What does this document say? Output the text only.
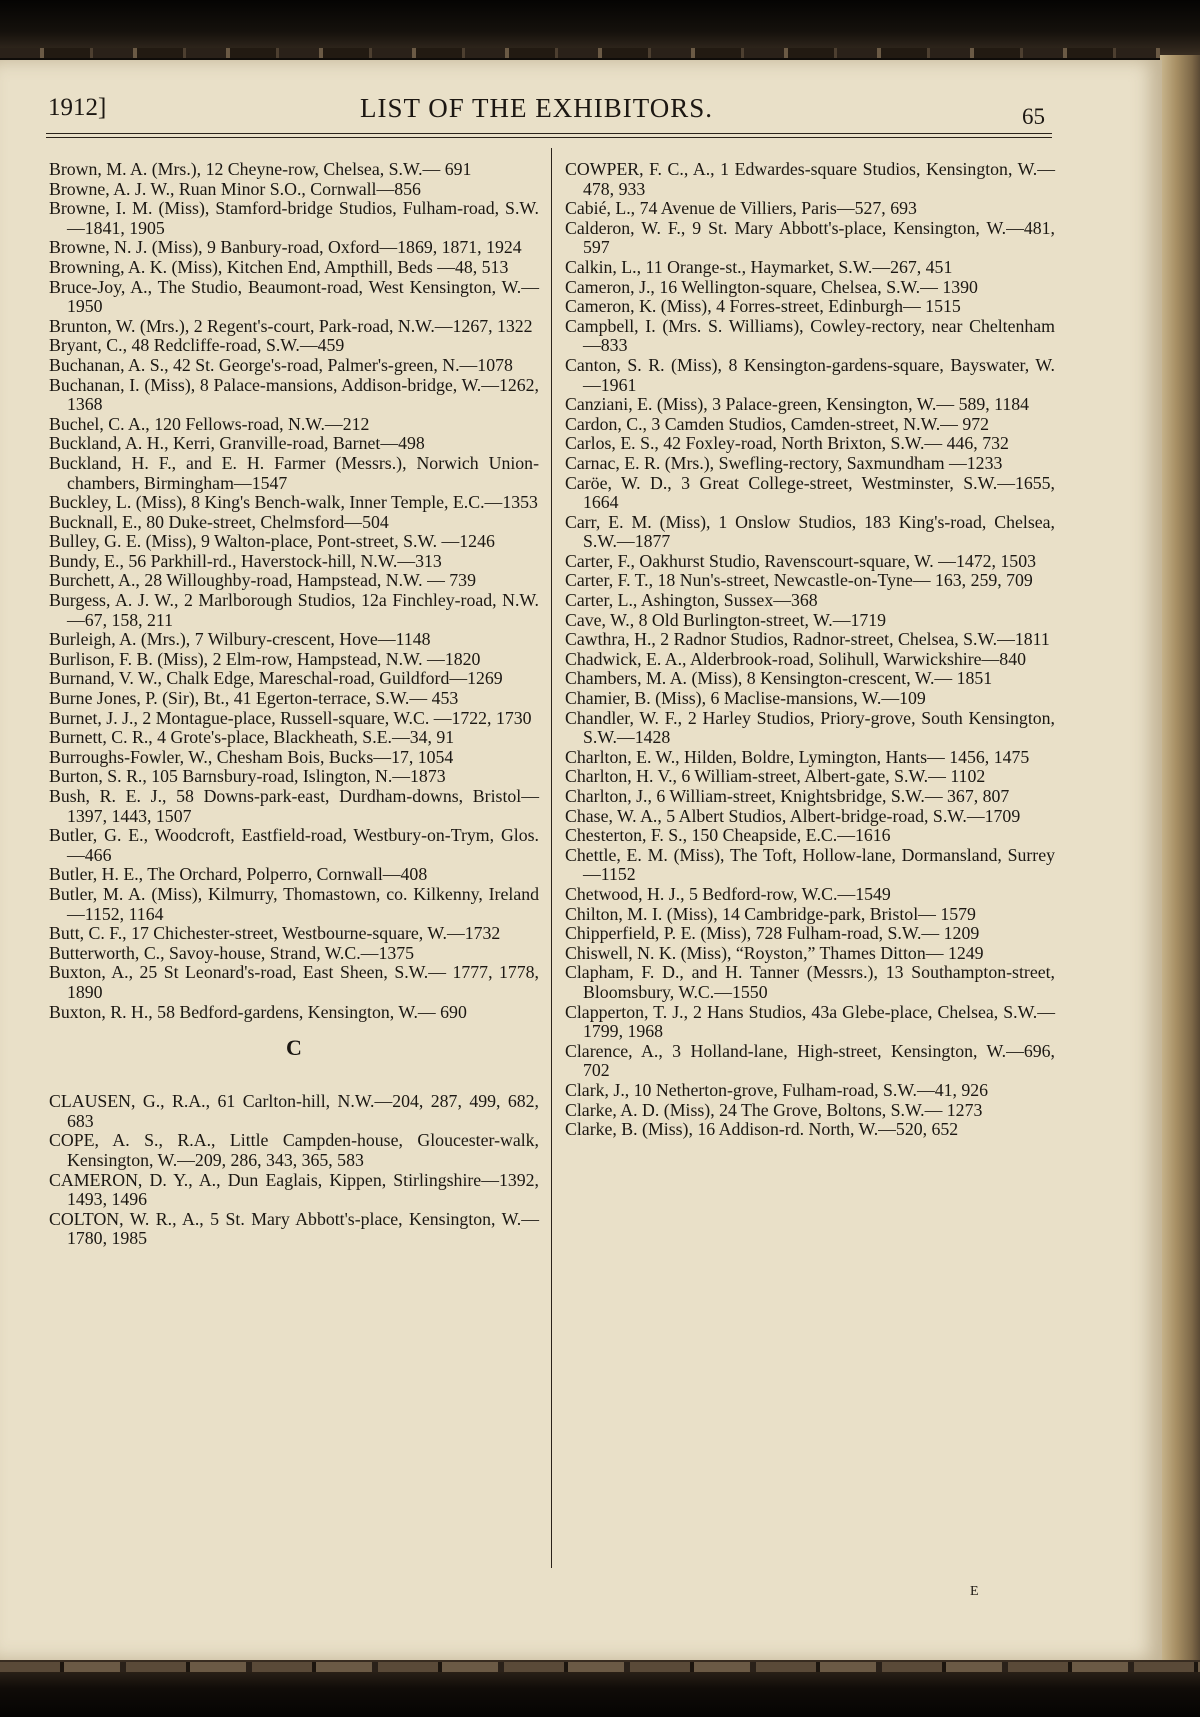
1912]	LIST OF THE EXHIBITORS.	65

Brown, M. A. (Mrs.), 12 Cheyne-row, Chelsea, S.W.— 691

Browne, A. J. W., Ruan Minor S.O., Cornwall—856

Browne, I. M. (Miss), Stamford-bridge Studios, Fulham-road, S.W.—1841, 1905

Browne, N. J. (Miss), 9 Banbury-road, Oxford—1869, 1871, 1924

Browning, A. K. (Miss), Kitchen End, Ampthill, Beds —48, 513

Bruce-Joy, A., The Studio, Beaumont-road, West Kensington, W.—1950

Brunton, W. (Mrs.), 2 Regent's-court, Park-road, N.W.—1267, 1322

Bryant, C., 48 Redcliffe-road, S.W.—459

Buchanan, A. S., 42 St. George's-road, Palmer's-green, N.—1078

Buchanan, I. (Miss), 8 Palace-mansions, Addison-bridge, W.—1262, 1368

Buchel, C. A., 120 Fellows-road, N.W.—212

Buckland, A. H., Kerri, Granville-road, Barnet—498

Buckland, H. F., and E. H. Farmer (Messrs.), Norwich Union-chambers, Birmingham—1547

Buckley, L. (Miss), 8 King's Bench-walk, Inner Temple, E.C.—1353

Bucknall, E., 80 Duke-street, Chelmsford—504

Bulley, G. E. (Miss), 9 Walton-place, Pont-street, S.W. —1246

Bundy, E., 56 Parkhill-rd., Haverstock-hill, N.W.—313

Burchett, A., 28 Willoughby-road, Hampstead, N.W. — 739

Burgess, A. J. W., 2 Marlborough Studios, 12a Finchley-road, N.W.—67, 158, 211

Burleigh, A. (Mrs.), 7 Wilbury-crescent, Hove—1148

Burlison, F. B. (Miss), 2 Elm-row, Hampstead, N.W. —1820

Burnand, V. W., Chalk Edge, Mareschal-road, Guildford—1269

Burne Jones, P. (Sir), Bt., 41 Egerton-terrace, S.W.— 453

Burnet, J. J., 2 Montague-place, Russell-square, W.C. —1722, 1730

Burnett, C. R., 4 Grote's-place, Blackheath, S.E.—34, 91

Burroughs-Fowler, W., Chesham Bois, Bucks—17, 1054

Burton, S. R., 105 Barnsbury-road, Islington, N.—1873

Bush, R. E. J., 58 Downs-park-east, Durdham-downs, Bristol—1397, 1443, 1507

Butler, G. E., Woodcroft, Eastfield-road, Westbury-on-Trym, Glos.—466

Butler, H. E., The Orchard, Polperro, Cornwall—408

Butler, M. A. (Miss), Kilmurry, Thomastown, co. Kilkenny, Ireland—1152, 1164

Butt, C. F., 17 Chichester-street, Westbourne-square, W.—1732

Butterworth, C., Savoy-house, Strand, W.C.—1375

Buxton, A., 25 St Leonard's-road, East Sheen, S.W.— 1777, 1778, 1890

Buxton, R. H., 58 Bedford-gardens, Kensington, W.— 690

C

CLAUSEN, G., R.A., 61 Carlton-hill, N.W.—204, 287, 499, 682, 683

COPE, A. S., R.A., Little Campden-house, Gloucester-walk, Kensington, W.—209, 286, 343, 365, 583

CAMERON, D. Y., A., Dun Eaglais, Kippen, Stirlingshire—1392, 1493, 1496

COLTON, W. R., A., 5 St. Mary Abbott's-place, Kensington, W.—1780, 1985

COWPER, F. C., A., 1 Edwardes-square Studios, Kensington, W.—478, 933

Cabié, L., 74 Avenue de Villiers, Paris—527, 693

Calderon, W. F., 9 St. Mary Abbott's-place, Kensington, W.—481, 597

Calkin, L., 11 Orange-st., Haymarket, S.W.—267, 451

Cameron, J., 16 Wellington-square, Chelsea, S.W.— 1390

Cameron, K. (Miss), 4 Forres-street, Edinburgh— 1515

Campbell, I. (Mrs. S. Williams), Cowley-rectory, near Cheltenham—833

Canton, S. R. (Miss), 8 Kensington-gardens-square, Bayswater, W.—1961

Canziani, E. (Miss), 3 Palace-green, Kensington, W.— 589, 1184

Cardon, C., 3 Camden Studios, Camden-street, N.W.— 972

Carlos, E. S., 42 Foxley-road, North Brixton, S.W.— 446, 732

Carnac, E. R. (Mrs.), Swefling-rectory, Saxmundham —1233

Caröe, W. D., 3 Great College-street, Westminster, S.W.—1655, 1664

Carr, E. M. (Miss), 1 Onslow Studios, 183 King's-road, Chelsea, S.W.—1877

Carter, F., Oakhurst Studio, Ravenscourt-square, W. —1472, 1503

Carter, F. T., 18 Nun's-street, Newcastle-on-Tyne— 163, 259, 709

Carter, L., Ashington, Sussex—368

Cave, W., 8 Old Burlington-street, W.—1719

Cawthra, H., 2 Radnor Studios, Radnor-street, Chelsea, S.W.—1811

Chadwick, E. A., Alderbrook-road, Solihull, Warwickshire—840

Chambers, M. A. (Miss), 8 Kensington-crescent, W.— 1851

Chamier, B. (Miss), 6 Maclise-mansions, W.—109

Chandler, W. F., 2 Harley Studios, Priory-grove, South Kensington, S.W.—1428

Charlton, E. W., Hilden, Boldre, Lymington, Hants— 1456, 1475

Charlton, H. V., 6 William-street, Albert-gate, S.W.— 1102

Charlton, J., 6 William-street, Knightsbridge, S.W.— 367, 807

Chase, W. A., 5 Albert Studios, Albert-bridge-road, S.W.—1709

Chesterton, F. S., 150 Cheapside, E.C.—1616

Chettle, E. M. (Miss), The Toft, Hollow-lane, Dormansland, Surrey—1152

Chetwood, H. J., 5 Bedford-row, W.C.—1549

Chilton, M. I. (Miss), 14 Cambridge-park, Bristol— 1579

Chipperfield, P. E. (Miss), 728 Fulham-road, S.W.— 1209

Chiswell, N. K. (Miss), “Royston,” Thames Ditton— 1249

Clapham, F. D., and H. Tanner (Messrs.), 13 Southampton-street, Bloomsbury, W.C.—1550

Clapperton, T. J., 2 Hans Studios, 43a Glebe-place, Chelsea, S.W.—1799, 1968

Clarence, A., 3 Holland-lane, High-street, Kensington, W.—696, 702

Clark, J., 10 Netherton-grove, Fulham-road, S.W.—41, 926

Clarke, A. D. (Miss), 24 The Grove, Boltons, S.W.— 1273

Clarke, B. (Miss), 16 Addison-rd. North, W.—520, 652

E
